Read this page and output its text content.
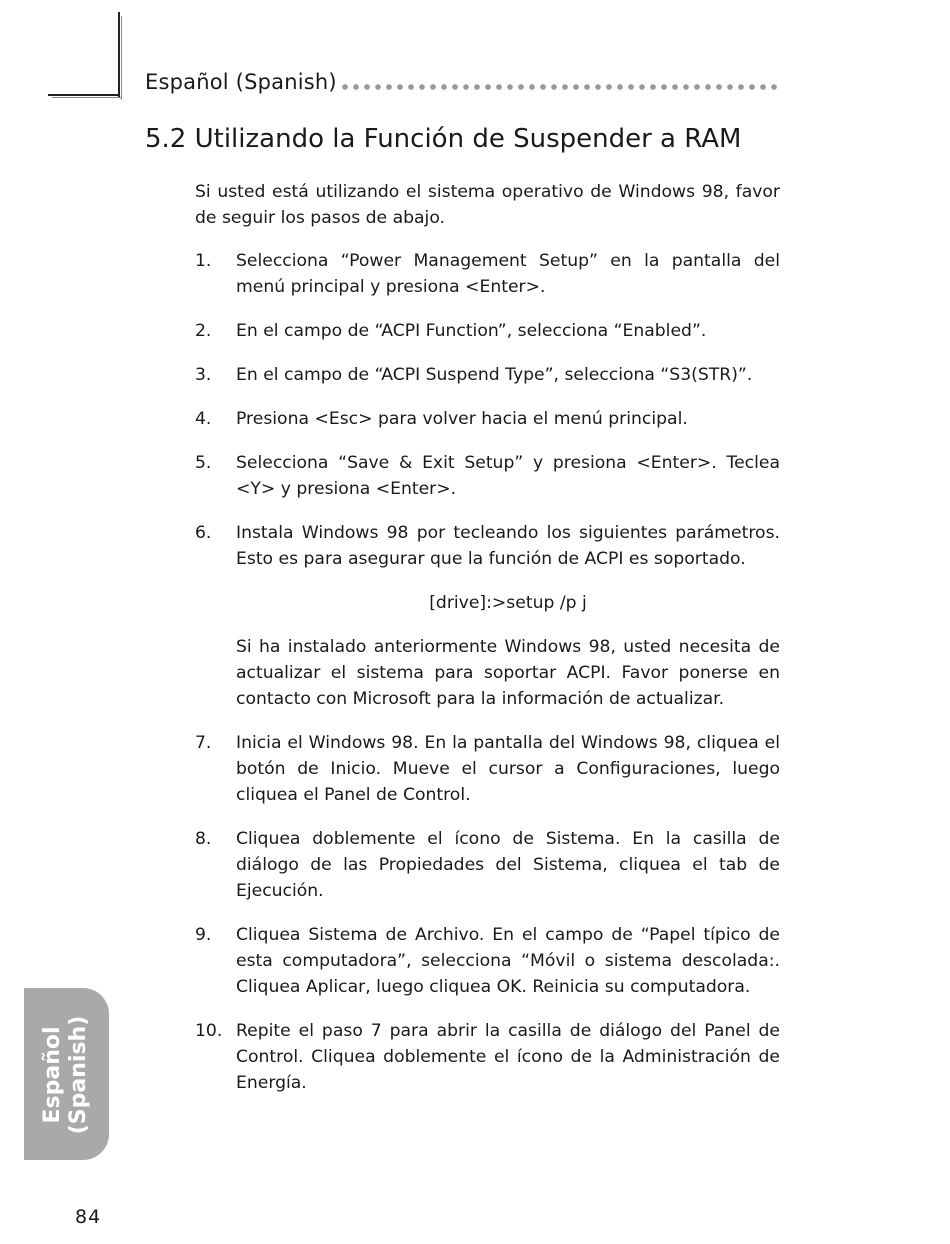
Español (Spanish)
5.2 Utilizando la Función de Suspender a RAM

Si usted está utilizando el sistema operativo de Windows 98, favor de seguir los pasos de abajo.

1. Selecciona “Power Management Setup” en la pantalla del menú principal y presiona <Enter>.
2. En el campo de “ACPI Function”, selecciona “Enabled”.
3. En el campo de “ACPI Suspend Type”, selecciona “S3(STR)”.
4. Presiona <Esc> para volver hacia el menú principal.
5. Selecciona “Save & Exit Setup” y presiona <Enter>. Teclea <Y> y presiona <Enter>.
6. Instala Windows 98 por tecleando los siguientes parámetros. Esto es para asegurar que la función de ACPI es soportado.
[drive]:>setup /p j
Si ha instalado anteriormente Windows 98, usted necesita de actualizar el sistema para soportar ACPI. Favor ponerse en contacto con Microsoft para la información de actualizar.
7. Inicia el Windows 98. En la pantalla del Windows 98, cliquea el botón de Inicio. Mueve el cursor a Configuraciones, luego cliquea el Panel de Control.
8. Cliquea doblemente el ícono de Sistema. En la casilla de diálogo de las Propiedades del Sistema, cliquea el tab de Ejecución.
9. Cliquea Sistema de Archivo. En el campo de “Papel típico de esta computadora”, selecciona “Móvil o sistema descolada:. Cliquea Aplicar, luego cliquea OK. Reinicia su computadora.
10. Repite el paso 7 para abrir la casilla de diálogo del Panel de Control. Cliquea doblemente el ícono de la Administración de Energía.
Español (Spanish)
84
